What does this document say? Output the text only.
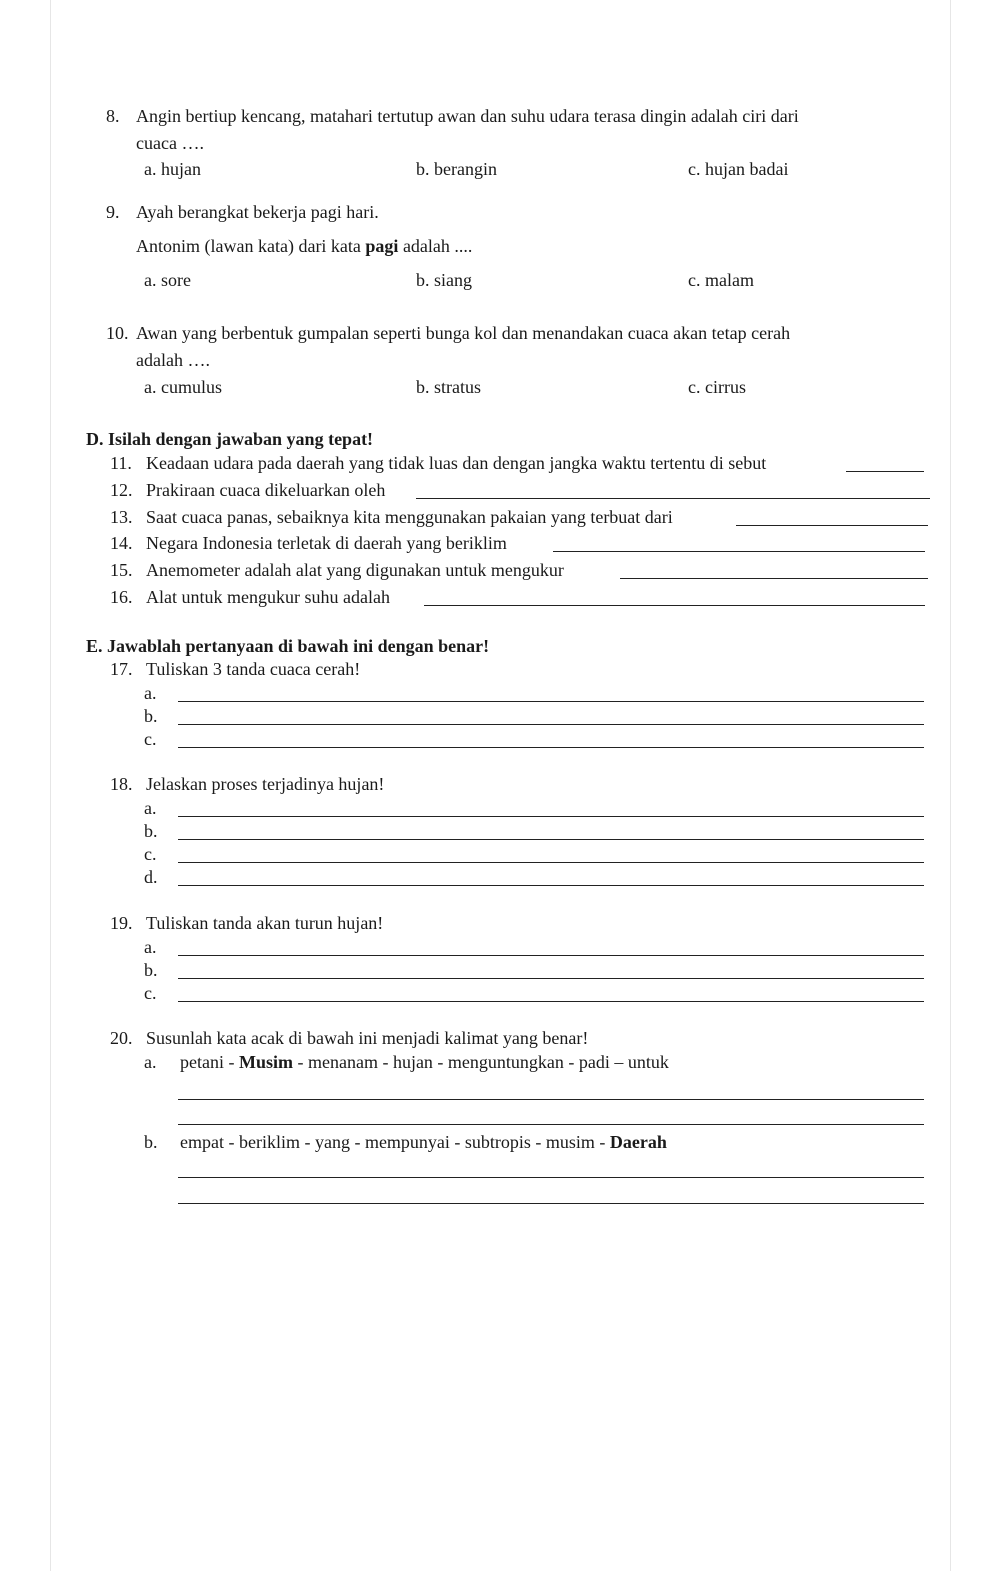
8. Angin bertiup kencang, matahari tertutup awan dan suhu udara terasa dingin adalah ciri dari
cuaca ….
a. hujan	b. berangin	c. hujan badai
9. Ayah berangkat bekerja pagi hari.
Antonim (lawan kata) dari kata pagi adalah ....
a. sore	b. siang	c. malam
10. Awan yang berbentuk gumpalan seperti bunga kol dan menandakan cuaca akan tetap cerah
adalah ….
a. cumulus	b. stratus	c. cirrus
D. Isilah dengan jawaban yang tepat!
11. Keadaan udara pada daerah yang tidak luas dan dengan jangka waktu tertentu di sebut
12. Prakiraan cuaca dikeluarkan oleh
13. Saat cuaca panas, sebaiknya kita menggunakan pakaian yang terbuat dari
14. Negara Indonesia terletak di daerah yang beriklim
15. Anemometer adalah alat yang digunakan untuk mengukur
16. Alat untuk mengukur suhu adalah
E. Jawablah pertanyaan di bawah ini dengan benar!
17. Tuliskan 3 tanda cuaca cerah!
a.
b.
c.
18. Jelaskan proses terjadinya hujan!
a.
b.
c.
d.
19. Tuliskan tanda akan turun hujan!
a.
b.
c.
20. Susunlah kata acak di bawah ini menjadi kalimat yang benar!
a. petani - Musim - menanam - hujan - menguntungkan - padi – untuk
b. empat - beriklim - yang - mempunyai - subtropis - musim - Daerah
